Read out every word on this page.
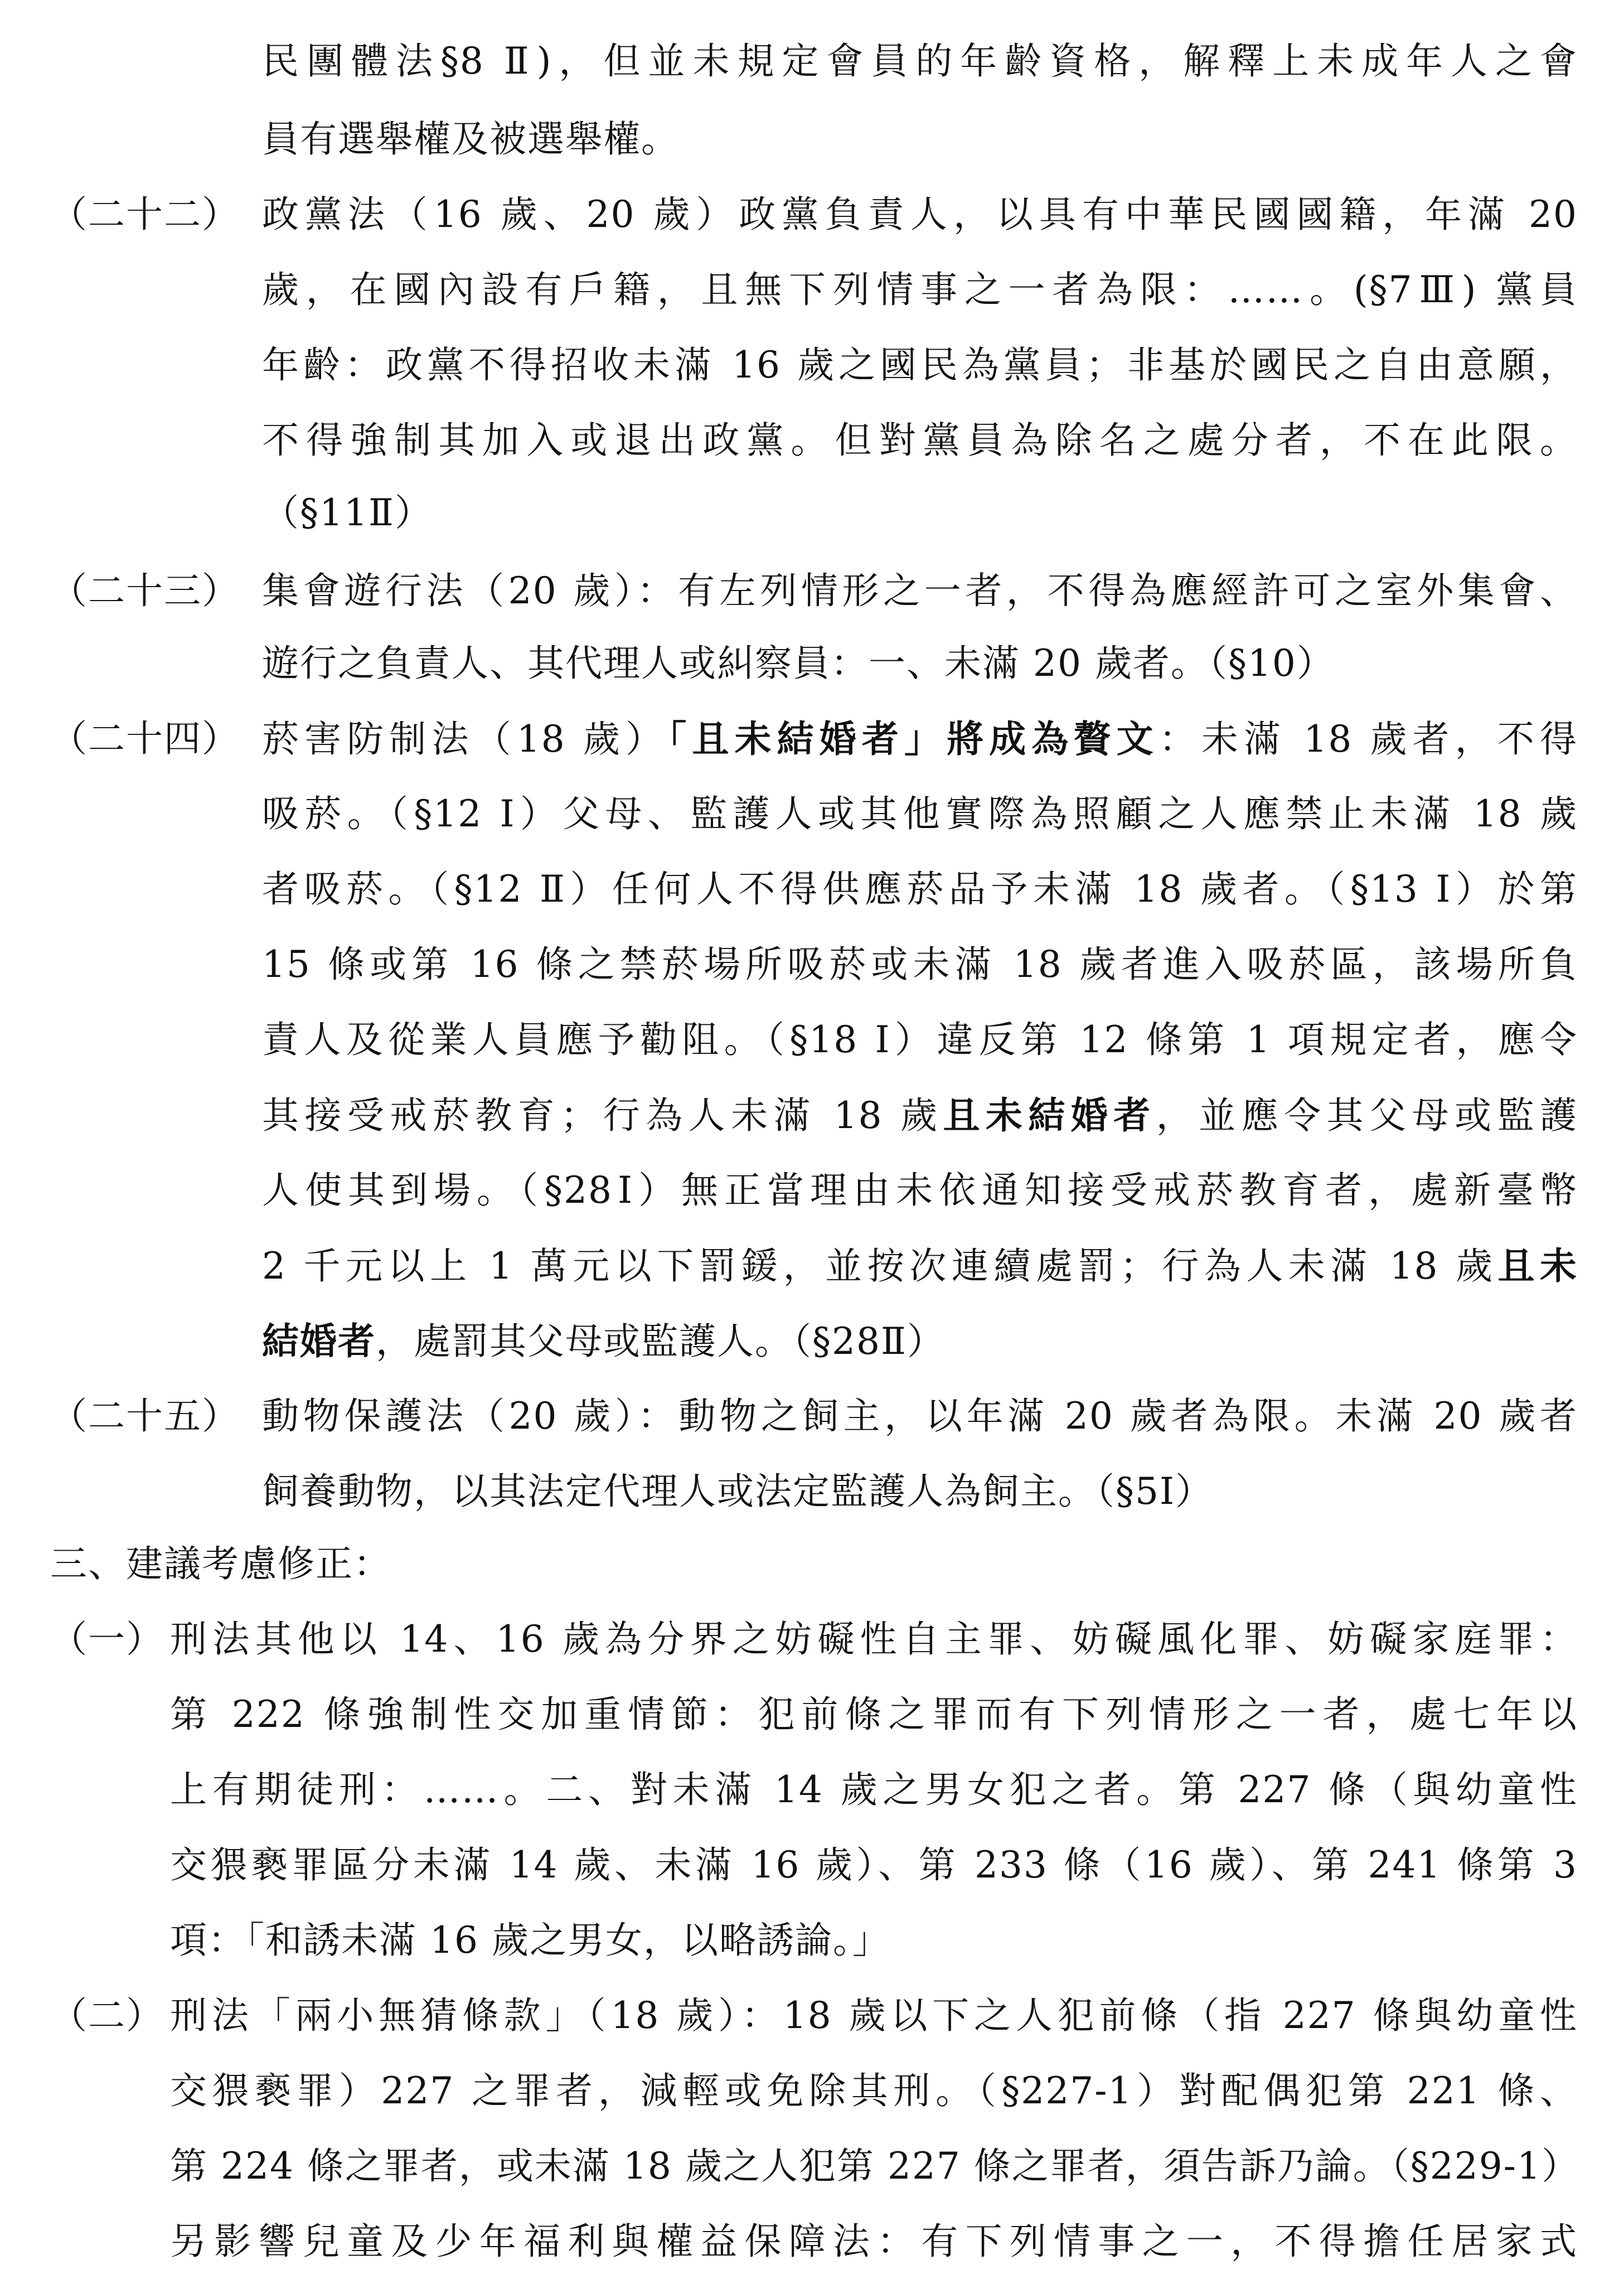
民團體法§8 Ⅱ)，但並未規定會員的年齡資格，解釋上未成年人之會
員有選舉權及被選舉權。
（二十二） 政黨法（16 歲、20 歲）政黨負責人，以具有中華民國國籍，年滿 20
歲，在國內設有戶籍，且無下列情事之一者為限：……。(§7Ⅲ) 黨員
年齡：政黨不得招收未滿 16 歲之國民為黨員；非基於國民之自由意願，
不得強制其加入或退出政黨。但對黨員為除名之處分者，不在此限。
（§11Ⅱ）
（二十三） 集會遊行法（20 歲）：有左列情形之一者，不得為應經許可之室外集會、
遊行之負責人、其代理人或糾察員：一、未滿 20 歲者。（§10）
（二十四） 菸害防制法（18 歲）「且未結婚者」將成為贅文：未滿 18 歲者，不得
吸菸。（§12 Ⅰ）父母、監護人或其他實際為照顧之人應禁止未滿 18 歲
者吸菸。（§12 Ⅱ）任何人不得供應菸品予未滿 18 歲者。（§13 Ⅰ）於第
15 條或第 16 條之禁菸場所吸菸或未滿 18 歲者進入吸菸區，該場所負
責人及從業人員應予勸阻。（§18 Ⅰ）違反第 12 條第 1 項規定者，應令
其接受戒菸教育；行為人未滿 18 歲且未結婚者，並應令其父母或監護
人使其到場。（§28Ⅰ）無正當理由未依通知接受戒菸教育者，處新臺幣
2 千元以上 1 萬元以下罰鍰，並按次連續處罰；行為人未滿 18 歲且未
結婚者，處罰其父母或監護人。（§28Ⅱ）
（二十五） 動物保護法（20 歲）：動物之飼主，以年滿 20 歲者為限。未滿 20 歲者
飼養動物，以其法定代理人或法定監護人為飼主。（§5Ⅰ）
三、建議考慮修正：
（一） 刑法其他以 14、16 歲為分界之妨礙性自主罪、妨礙風化罪、妨礙家庭罪：
第 222 條強制性交加重情節：犯前條之罪而有下列情形之一者，處七年以
上有期徒刑：……。二、對未滿 14 歲之男女犯之者。第 227 條（與幼童性
交猥褻罪區分未滿 14 歲、未滿 16 歲）、第 233 條（16 歲）、第 241 條第 3
項：「和誘未滿 16 歲之男女，以略誘論。」
（二） 刑法「兩小無猜條款」（18 歲）：18 歲以下之人犯前條（指 227 條與幼童性
交猥褻罪）227 之罪者，減輕或免除其刑。（§227-1）對配偶犯第 221 條、
第 224 條之罪者，或未滿 18 歲之人犯第 227 條之罪者，須告訴乃論。（§229-1）
另影響兒童及少年福利與權益保障法：有下列情事之一，不得擔任居家式
